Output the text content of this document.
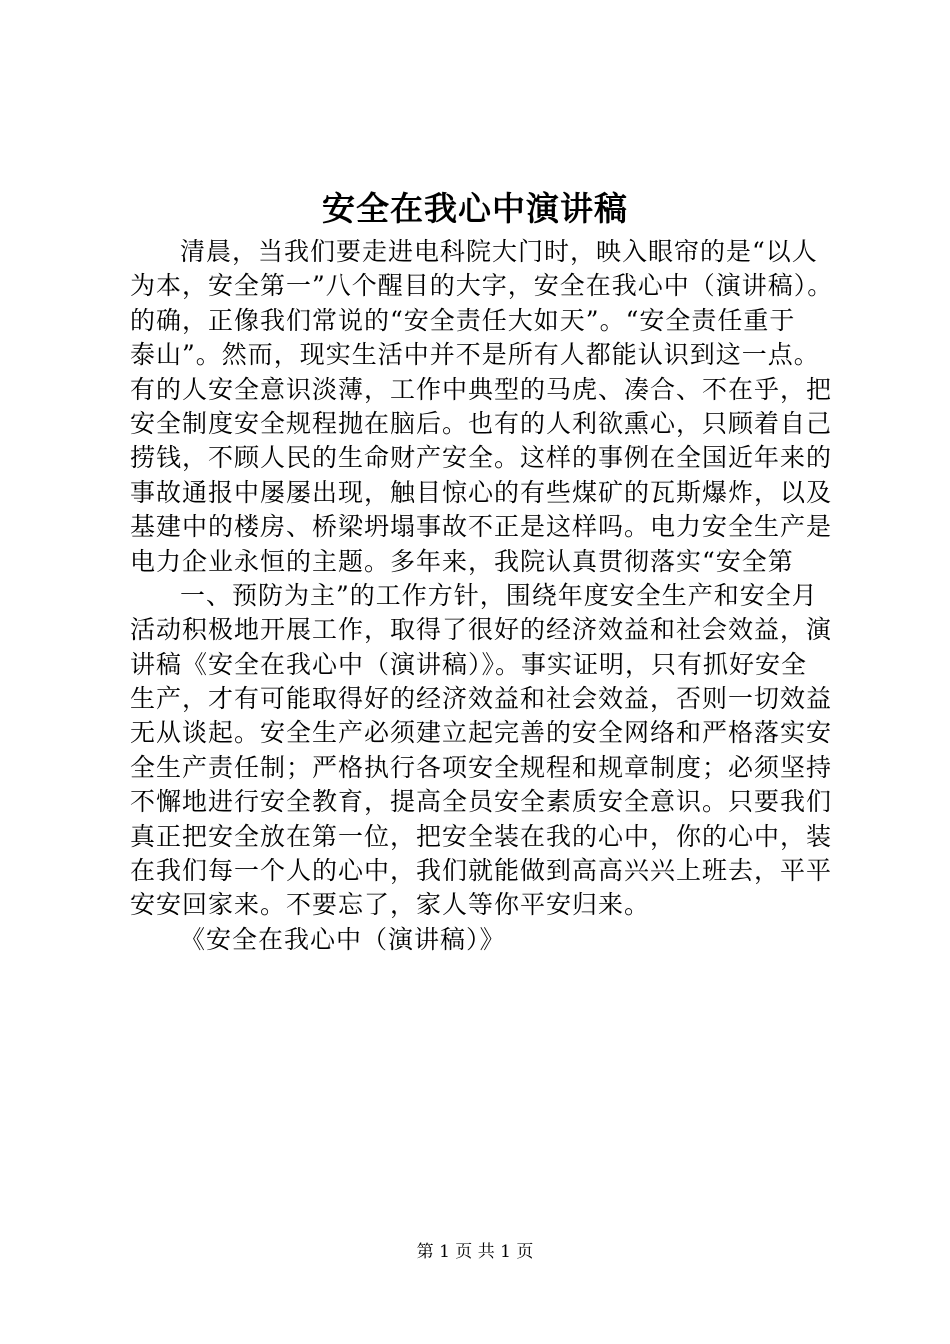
安全在我心中演讲稿
清晨，当我们要走进电科院大门时，映入眼帘的是“以人
为本，安全第一”八个醒目的大字，安全在我心中（演讲稿）。
的确，正像我们常说的“安全责任大如天”。“安全责任重于
泰山”。然而，现实生活中并不是所有人都能认识到这一点。
有的人安全意识淡薄，工作中典型的马虎、凑合、不在乎，把
安全制度安全规程抛在脑后。也有的人利欲熏心，只顾着自己
捞钱，不顾人民的生命财产安全。这样的事例在全国近年来的
事故通报中屡屡出现，触目惊心的有些煤矿的瓦斯爆炸，以及
基建中的楼房、桥梁坍塌事故不正是这样吗。电力安全生产是
电力企业永恒的主题。多年来，我院认真贯彻落实“安全第
一、预防为主”的工作方针，围绕年度安全生产和安全月
活动积极地开展工作，取得了很好的经济效益和社会效益，演
讲稿《安全在我心中（演讲稿）》。事实证明，只有抓好安全
生产，才有可能取得好的经济效益和社会效益，否则一切效益
无从谈起。安全生产必须建立起完善的安全网络和严格落实安
全生产责任制；严格执行各项安全规程和规章制度；必须坚持
不懈地进行安全教育，提高全员安全素质安全意识。只要我们
真正把安全放在第一位，把安全装在我的心中，你的心中，装
在我们每一个人的心中，我们就能做到高高兴兴上班去，平平
安安回家来。不要忘了，家人等你平安归来。
《安全在我心中（演讲稿）》
第 1 页 共 1 页
